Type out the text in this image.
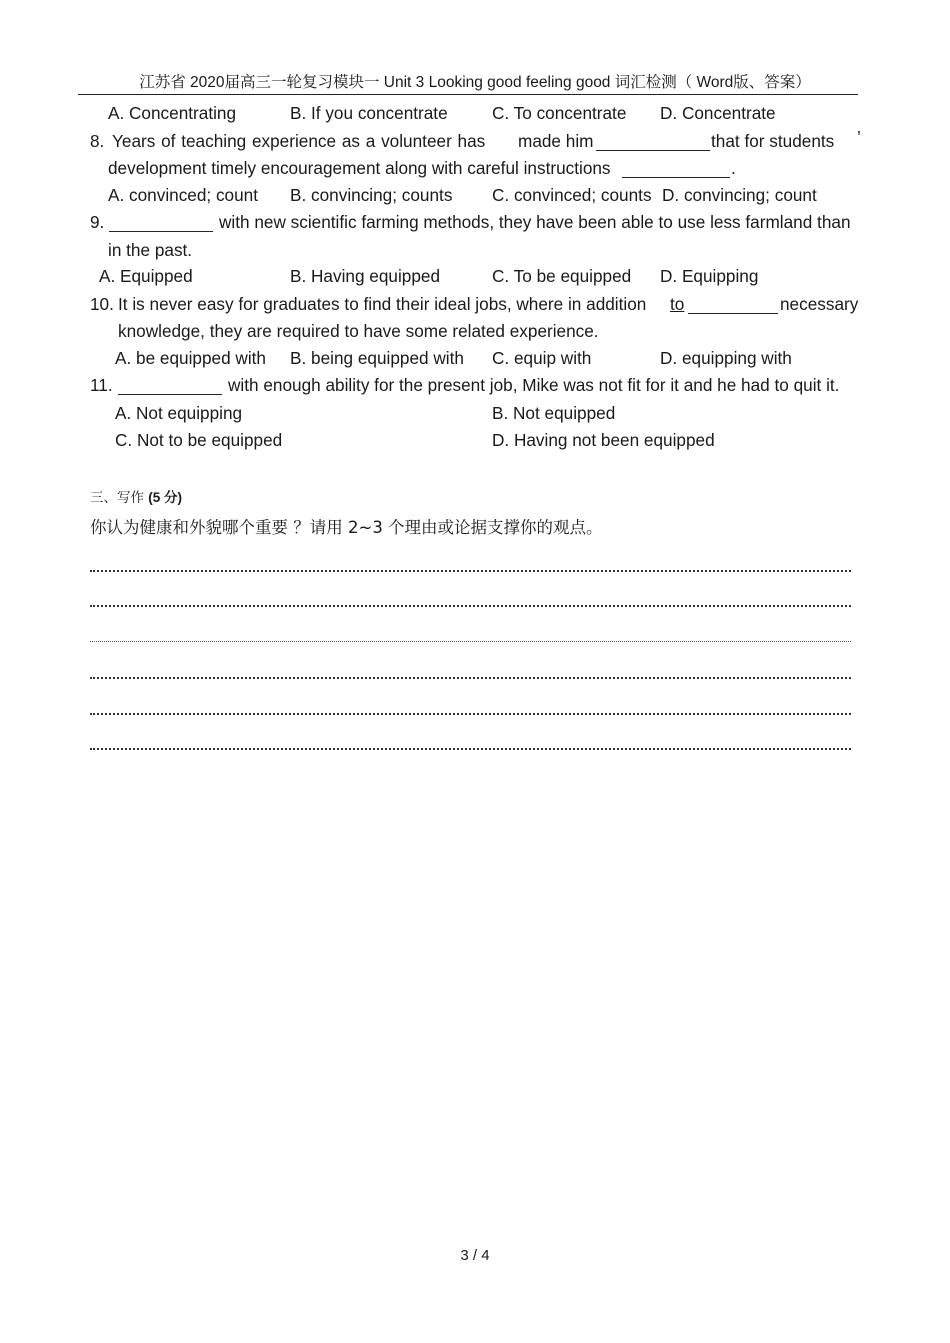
江苏省 2020届高三一轮复习模块一 Unit 3 Looking good feeling good 词汇检测（ Word版、答案）
A. Concentrating	B. If you concentrate	C. To concentrate D. Concentrate
8. Years of teaching experience as a volunteer has made him	that for students ’
development timely encouragement along with careful instructions	.
A. convinced; count B. convincing; counts C. convinced; counts D. convincing; count
9.	with new scientific farming methods, they have been able to use less farmland than
in the past.
A. Equipped	B. Having equipped	C. To be equipped D. Equipping
10. It is never easy for graduates to find their ideal jobs, where in addition to	necessary
knowledge, they are required to have some related experience.
A. be equipped with B. being equipped with C. equip with	D. equipping with
11.	with enough ability for the present job, Mike was not fit for it and he had to quit it.
A. Not equipping	B. Not equipped
C. Not to be equipped	D. Having not been equipped
三、写作 (5 分)
你认为健康和外貌哪个重要 ？请用 2~3 个理由或论据支撑你的观点。
3 / 4
